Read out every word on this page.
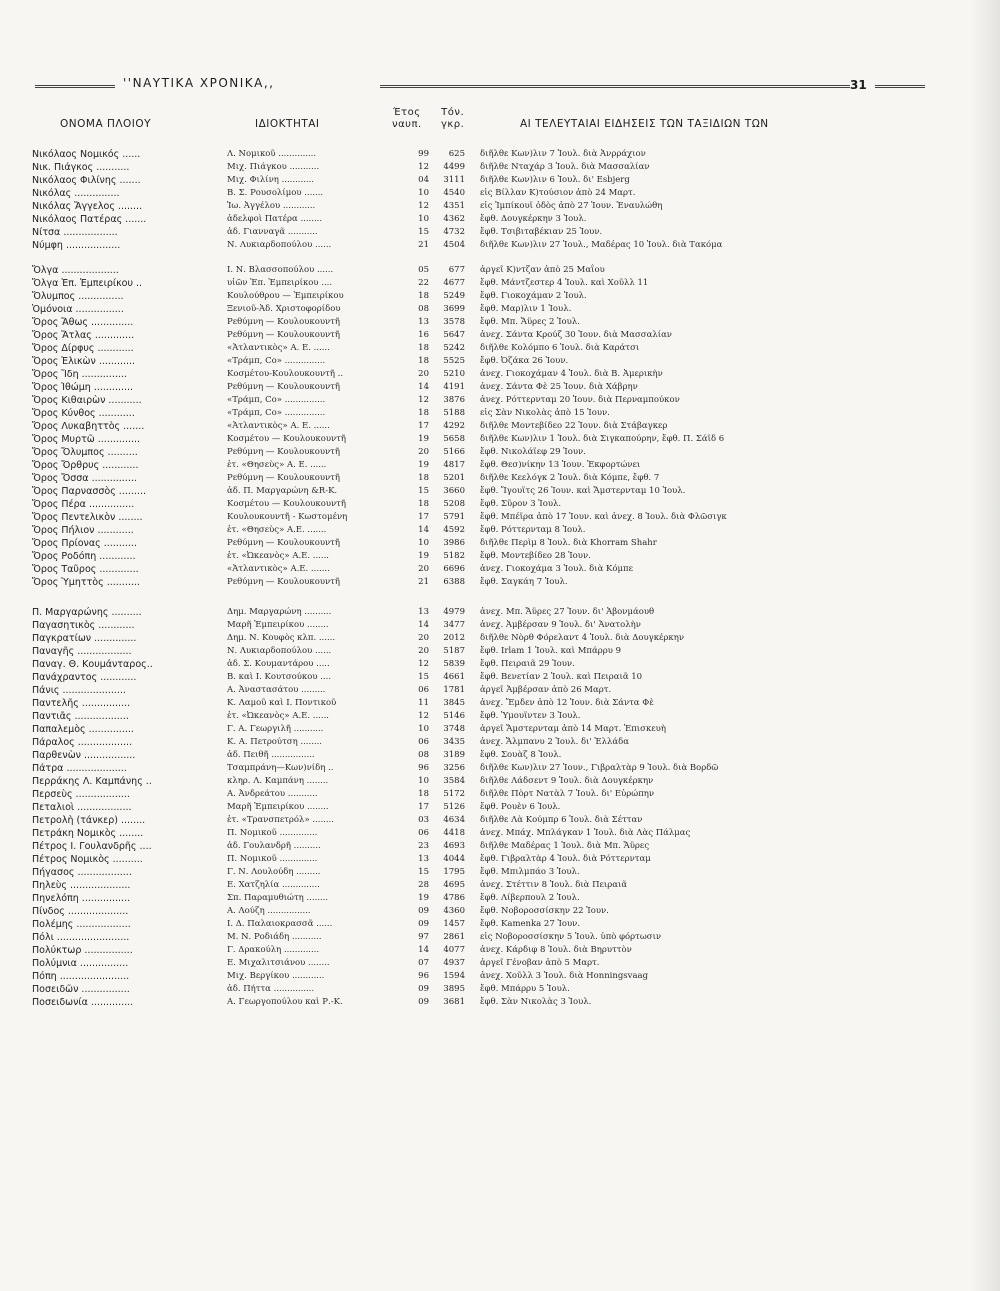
''ΝΑΥΤΙΚΑ ΧΡΟΝΙΚΑ,,	31
ΟΝΟΜΑ ΠΛΟΙΟΥ	ΙΔΙΟΚΤΗΤΑΙ
Έτος
ναυπ.
Τόν.
γκρ.	ΑΙ ΤΕΛΕΥΤΑΙΑΙ ΕΙΔΗΣΕΙΣ ΤΩΝ ΤΑΞΙΔΙΩΝ ΤΩΝ
Νικόλαος Νομικός ......	Λ. Νομικοῦ ..............	99	625 διῆλθε Κων)λιν 7 Ἰουλ. διὰ Ἀνρράχιον
Νικ. Πιάγκος ...........	Μιχ. Πιάγκου ...........	12	4499 διῆλθε Νταχάρ 3 Ἰουλ. διὰ Μασσαλίαν
Νικόλαος Φιλίνης .......	Μιχ. Φιλίνη ............	04	3111 διῆλθε Κων)λιν 6 Ἰουλ. δι' Esbjerg
Νικόλας ...............	Β. Σ. Ρουσολίμου .......	10	4540 εἰς Βίλλαν Κ)τούσιον ἀπὸ 24 Μαρτ.
Νικόλας Ἄγγελος ........	Ἰω. Ἀγγέλου ............	12	4351 εἰς Ἰμπίκουϊ ὁδὸς ἀπὸ 27 Ἰουν. Ἐναυλώθη
Νικόλαος Πατέρας .......	ἀδελφοὶ Πατέρα ........	10	4362 ἔφθ. Δουγκέρκην 3 Ἰουλ.
Νίτσα ..................	ἀδ. Γιανναγᾶ ...........	15	4732 ἔφθ. Τσιβιταβέκιαν 25 Ἰουν.
Νύμφη ..................	Ν. Λυκιαρδοπούλου ......	21	4504 διῆλθε Κων)λιν 27 Ἰουλ., Μαδέρας 10 Ἰουλ. διὰ Τακόμα
Ὄλγα ...................	Ι. Ν. Βλασσοπούλου ......	05	677 ἀργεῖ Κ)ντζαν ἀπὸ 25 Μαΐου
Ὄλγα Ἐπ. Ἐμπειρίκου ..	υἱῶν Ἐπ. Ἐμπειρίκου ....	22	4677 ἔφθ. Μάντζεστερ 4 Ἰουλ. καὶ Χοῦλλ 11
Ὄλυμπος ...............	Κουλούθρου — Ἐμπειρίκου	18	5249 ἔφθ. Γιοκοχάμαν 2 Ἰουλ.
Ὁμόνοια ................	Ξενιοῦ-Ἀδ. Χριστοφορίδου	08	3699 ἔφθ. Μαρ)λιν 1 Ἰουλ.
Ὄρος Ἄθως ..............	Ρεθύμνη — Κουλουκουντῆ	13	3578 ἔφθ. Μπ. Ἄϋρες 2 Ἰουλ.
Ὄρος Ἄτλας .............	Ρεθύμνη — Κουλουκουντῆ	16	5647 ἀνεχ. Σάντα Κρούζ 30 Ἰουν. διὰ Μασσαλίαν
Ὄρος Δίρφυς ............	«Ἀτλαντικὸς» Α. Ε. ......	18	5242 διῆλθε Κολόμπο 6 Ἰουλ. διὰ Καράτσι
Ὄρος Ἑλικὼν ............	«Τράμπ, Co» ...............	18	5525 ἔφθ. Ὀζάκα 26 Ἰουν.
Ὄρος Ἴδη ...............	Κοσμέτου-Κουλουκουντῆ ..	20	5210 ἀνεχ. Γιοκοχάμαν 4 Ἰουλ. διὰ Β. Ἀμερικὴν
Ὄρος Ἰθώμη .............	Ρεθύμνη — Κουλουκουντῆ	14	4191 ἀνεχ. Σάντα Φὲ 25 Ἰουν. διὰ Χάβρην
Ὄρος Κιθαιρὼν ...........	«Τράμπ, Co» ...............	12	3876 ἀνεχ. Ρόττερνταμ 20 Ἰουν. διὰ Περναμπούκον
Ὄρος Κύνθος ............	«Τράμπ, Co» ...............	18	5188 εἰς Σὰν Νικολὰς ἀπὸ 15 Ἰουν.
Ὄρος Λυκαβηττὸς .......	«Ἀτλαντικὸς» Α. Ε. ......	17	4292 διῆλθε Μοντεβίδεο 22 Ἰουν. διὰ Στάβαγκερ
Ὄρος Μυρτῶ ..............	Κοσμέτου — Κουλουκουντῆ	19	5658 διῆλθε Κων)λιν 1 Ἰουλ. διὰ Σιγκαπούρην, ἔφθ. Π. Σάϊδ 6
Ὄρος Ὄλυμπος ..........	Ρεθύμνη — Κουλουκουντῆ	20	5166 ἔφθ. Νικολάϊεφ 29 Ἰουν.
Ὄρος Ὄρθρυς ............	ἑτ. «Θησεὺς» Α. Ε. ......	19	4817 ἔφθ. Θεσ)νίκην 13 Ἰουν. Ἐκφορτώνει
Ὄρος Ὄσσα ...............	Ρεθύμνη — Κουλουκουντῆ	18	5201 διῆλθε Κεελόγκ 2 Ἰουλ. διὰ Κόμπε, ἔφθ. 7
Ὄρος Παρνασσὸς .........	ἀδ. Π. Μαργαρώνη &R-K.	15	3660 ἔφθ. Ἴγουϊτς 26 Ἰουν. καὶ Ἄμστερνταμ 10 Ἰουλ.
Ὄρος Πέρα ...............	Κοσμέτου — Κουλουκουντῆ	18	5208 ἔφθ. Σῦρον 3 Ἰουλ.
Ὄρος Πεντελικὸν ........	Κουλουκουντῆ - Κωστομένη	17	5791 ἔφθ. Μπέϊρα ἀπὸ 17 Ἰουν. καὶ ἀνεχ. 8 Ἰουλ. διὰ Φλῶσιγκ
Ὄρος Πήλιον ............	ἑτ. «Θησεὺς» Α.Ε. .......	14	4592 ἔφθ. Ρόττερνταμ 8 Ἰουλ.
Ὄρος Πρίονας ...........	Ρεθύμνη — Κουλουκουντῆ	10	3986 διῆλθε Περὶμ 8 Ἰουλ. διὰ Khorram Shahr
Ὄρος Ροδόπη ............	ἑτ. «Ὠκεανὸς» Α.Ε. ......	19	5182 ἔφθ. Μοντεβίδεο 28 Ἰουν.
Ὄρος Ταῦρος .............	«Ἀτλαντικὸς» Α.Ε. .......	20	6696 ἀνεχ. Γιοκοχάμα 3 Ἰουλ. διὰ Κόμπε
Ὄρος Ὑμηττὸς ...........	Ρεθύμνη — Κουλουκουντῆ	21	6388 ἔφθ. Σαγκάη 7 Ἰουλ.
Π. Μαργαρώνης ..........	Δημ. Μαργαρώνη ..........	13	4979 ἀνεχ. Μπ. Ἄϋρες 27 Ἰουν. δι' Ἀβονμάουθ
Παγασητικὸς ............	Μαρῆ Ἐμπειρίκου ........	14	3477 ἀνεχ. Ἀμβέρσαν 9 Ἰουλ. δι' Ἀνατολὴν
Παγκρατίων ..............	Δημ. Ν. Κουφὸς κλπ. ......	20	2012 διῆλθε Νὸρθ Φόρελαντ 4 Ἰουλ. διὰ Δουγκέρκην
Παναγῆς ..................	Ν. Λυκιαρδοπούλου ......	20	5187 ἔφθ. Irlam 1 Ἰουλ. καὶ Μπάρρυ 9
Παναγ. Θ. Κουμάνταρος..	ἀδ. Σ. Κουμαντάρου .....	12	5839 ἔφθ. Πειραιᾶ 29 Ἰουν.
Πανάχραντος ............	Β. καὶ Ι. Κουτσούκου ....	15	4661 ἔφθ. Βενετίαν 2 Ἰουλ. καὶ Πειραιᾶ 10
Πάνις .....................	Α. Ἀναστασάτου .........	06	1781 ἀργεῖ Ἀμβέρσαν ἀπὸ 26 Μαρτ.
Παντελῆς ................	Κ. Λαμοῦ καὶ Ι. Ποντικοῦ	11	3845 ἀνεχ. Ἔμδεν ἀπὸ 12 Ἰουν. διὰ Σάντα Φὲ
Παντιᾶς ..................	ἑτ. «Ὠκεανὸς» Α.Ε. ......	12	5146 ἔφθ. Ὑμουϊντεν 3 Ἰουλ.
Παπαλεμὸς ...............	Γ. Α. Γεωργιλῆ ...........	10	3748 ἀργεῖ Ἄμστερνταμ ἀπὸ 14 Μαρτ. Ἐπισκευὴ
Πάραλος ..................	Κ. Α. Πετρούτση ........	06	3435 ἀνεχ. Ἄλμπανυ 2 Ἰουλ. δι' Ἑλλάδα
Παρθενὼν .................	ἀδ. Πειθῆ ................	08	3189 ἔφθ. Σουὰζ 8 Ἰουλ.
Πάτρα ....................	Τσαμπράνη—Κων)νίδη ..	96	3256 διῆλθε Κων)λιν 27 Ἰουν., Γιβραλτὰρ 9 Ἰουλ. διὰ Βορδῶ
Περράκης Λ. Καμπάνης ..	κληρ. Λ. Καμπάνη ........	10	3584 διῆλθε Λάδσεντ 9 Ἰουλ. διὰ Δουγκέρκην
Περσεὺς ..................	Α. Ἀνδρεάτου ...........	18	5172 διῆλθε Πὸρτ Νατὰλ 7 Ἰουλ. δι' Εὐρώπην
Πεταλιοὶ ..................	Μαρῆ Ἐμπειρίκου ........	17	5126 ἔφθ. Ρουὲν 6 Ἰουλ.
Πετρολὴ (τάνκερ) ........	ἑτ. «Τρανσπετρόλ» ........	03	4634 διῆλθε Λὰ Κούμπρ 6 Ἰουλ. διὰ Σέτταν
Πετράκη Νομικὸς ........	Π. Νομικοῦ ..............	06	4418 ἀνεχ. Μπάχ. Μπλάγκαν 1 Ἰουλ. διὰ Λὰς Πάλμας
Πέτρος Ι. Γουλανδρῆς ....	ἀδ. Γουλανδρῆ ..........	23	4693 διῆλθε Μαδέρας 1 Ἰουλ. διὰ Μπ. Ἄϋρες
Πέτρος Νομικὸς ..........	Π. Νομικοῦ ..............	13	4044 ἔφθ. Γιβραλτὰρ 4 Ἰουλ. διὰ Ρόττερνταμ
Πήγασος ..................	Γ. Ν. Λουλούδη .........	15	1795 ἔφθ. Μπιλμπάο 3 Ἰουλ.
Πηλεὺς ....................	Ε. Χατζηλία ..............	28	4695 ἀνεχ. Στέττιν 8 Ἰουλ. διὰ Πειραιᾶ
Πηνελόπη ................	Σπ. Παραμυθιώτη ........	19	4786 ἔφθ. Λίβερπουλ 2 Ἰουλ.
Πίνδος ....................	Α. Λούζη ................	09	4360 ἔφθ. Νοβοροσσίσκην 22 Ἰουν.
Πολέμης ..................	Ι. Δ. Παλαιοκρασσᾶ ......	09	1457 ἔφθ. Kamenka 27 Ἰουν.
Πόλι ........................	Μ. Ν. Ροδιάδη ...........	97	2861 εἰς Νοβοροσσίσκην 5 Ἰουλ. ὑπὸ φόρτωσιν
Πολύκτωρ ................	Γ. Δρακούλη .............	14	4077 ἀνεχ. Κάρδιφ 8 Ἰουλ. διὰ Βηρυττὸν
Πολύμνια ................	Ε. Μιχαλιτσιάνου ........	07	4937 ἀργεῖ Γένοβαν ἀπὸ 5 Μαρτ.
Πόπη .......................	Μιχ. Βεργίκου ............	96	1594 ἀνεχ. Χοῦλλ 3 Ἰουλ. διὰ Honningsvaag
Ποσειδῶν ................	ἀδ. Πήττα ...............	09	3895 ἔφθ. Μπάρρυ 5 Ἰουλ.
Ποσειδωνία ..............	Α. Γεωργοπούλου καὶ Ρ.-Κ.	09	3681 ἔφθ. Σὰν Νικολὰς 3 Ἰουλ.
